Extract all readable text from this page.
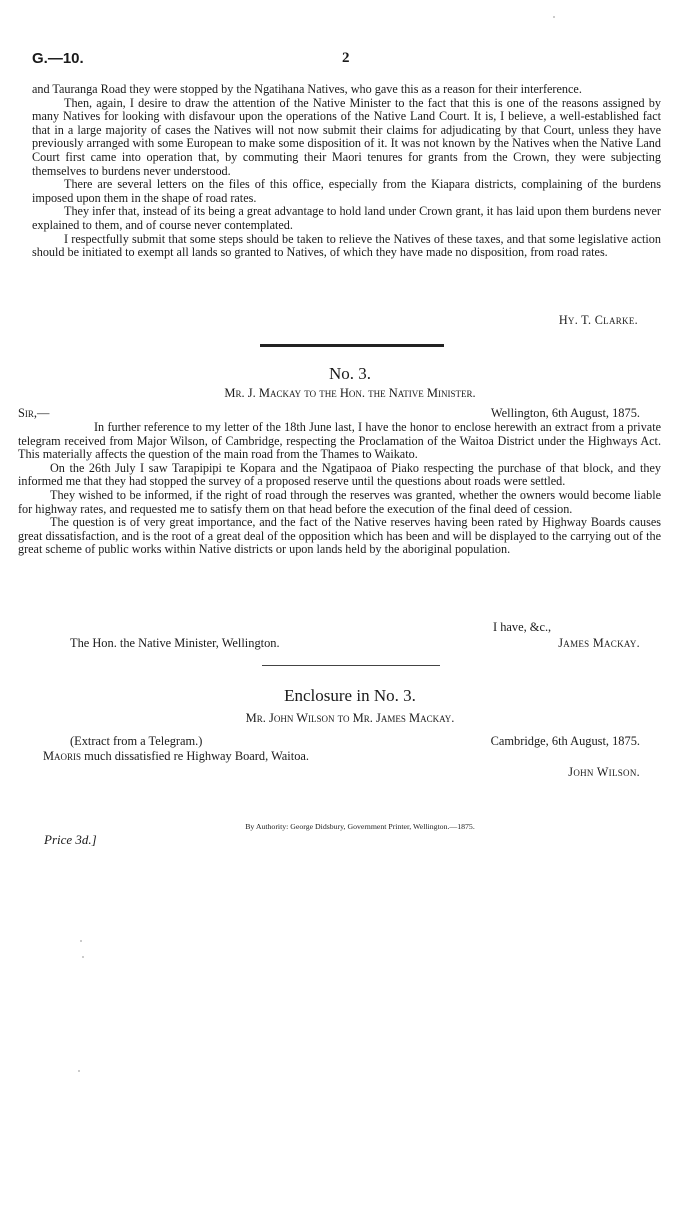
G.—10.	2

and Tauranga Road they were stopped by the Ngatihana Natives, who gave this as a reason for their interference.

Then, again, I desire to draw the attention of the Native Minister to the fact that this is one of the reasons assigned by many Natives for looking with disfavour upon the operations of the Native Land Court. It is, I believe, a well-established fact that in a large majority of cases the Natives will not now submit their claims for adjudicating by that Court, unless they have previously arranged with some European to make some disposition of it. It was not known by the Natives when the Native Land Court first came into operation that, by commuting their Maori tenures for grants from the Crown, they were subjecting themselves to burdens never understood.

There are several letters on the files of this office, especially from the Kiapara districts, complaining of the burdens imposed upon them in the shape of road rates.

They infer that, instead of its being a great advantage to hold land under Crown grant, it has laid upon them burdens never explained to them, and of course never contemplated.

I respectfully submit that some steps should be taken to relieve the Natives of these taxes, and that some legislative action should be initiated to exempt all lands so granted to Natives, of which they have made no disposition, from road rates.

Hy. T. Clarke.
No. 3.
Mr. J. Mackay to the Hon. the Native Minister.
Sir,—	Wellington, 6th August, 1875.

In further reference to my letter of the 18th June last, I have the honor to enclose herewith an extract from a private telegram received from Major Wilson, of Cambridge, respecting the Proclamation of the Waitoa District under the Highways Act. This materially affects the question of the main road from the Thames to Waikato.

On the 26th July I saw Tarapipipi te Kopara and the Ngatipaoa of Piako respecting the purchase of that block, and they informed me that they had stopped the survey of a proposed reserve until the questions about roads were settled.

They wished to be informed, if the right of road through the reserves was granted, whether the owners would become liable for highway rates, and requested me to satisfy them on that head before the execution of the final deed of cession.

The question is of very great importance, and the fact of the Native reserves having been rated by Highway Boards causes great dissatisfaction, and is the root of a great deal of the opposition which has been and will be displayed to the carrying out of the great scheme of public works within Native districts or upon lands held by the aboriginal population.

I have, &c.,
The Hon. the Native Minister, Wellington.	James Mackay.
Enclosure in No. 3.
Mr. John Wilson to Mr. James Mackay.
(Extract from a Telegram.)	Cambridge, 6th August, 1875.
Maoris much dissatisfied re Highway Board, Waitoa.
John Wilson.
By Authority: George Didsbury, Government Printer, Wellington.—1875.
Price 3d.]
